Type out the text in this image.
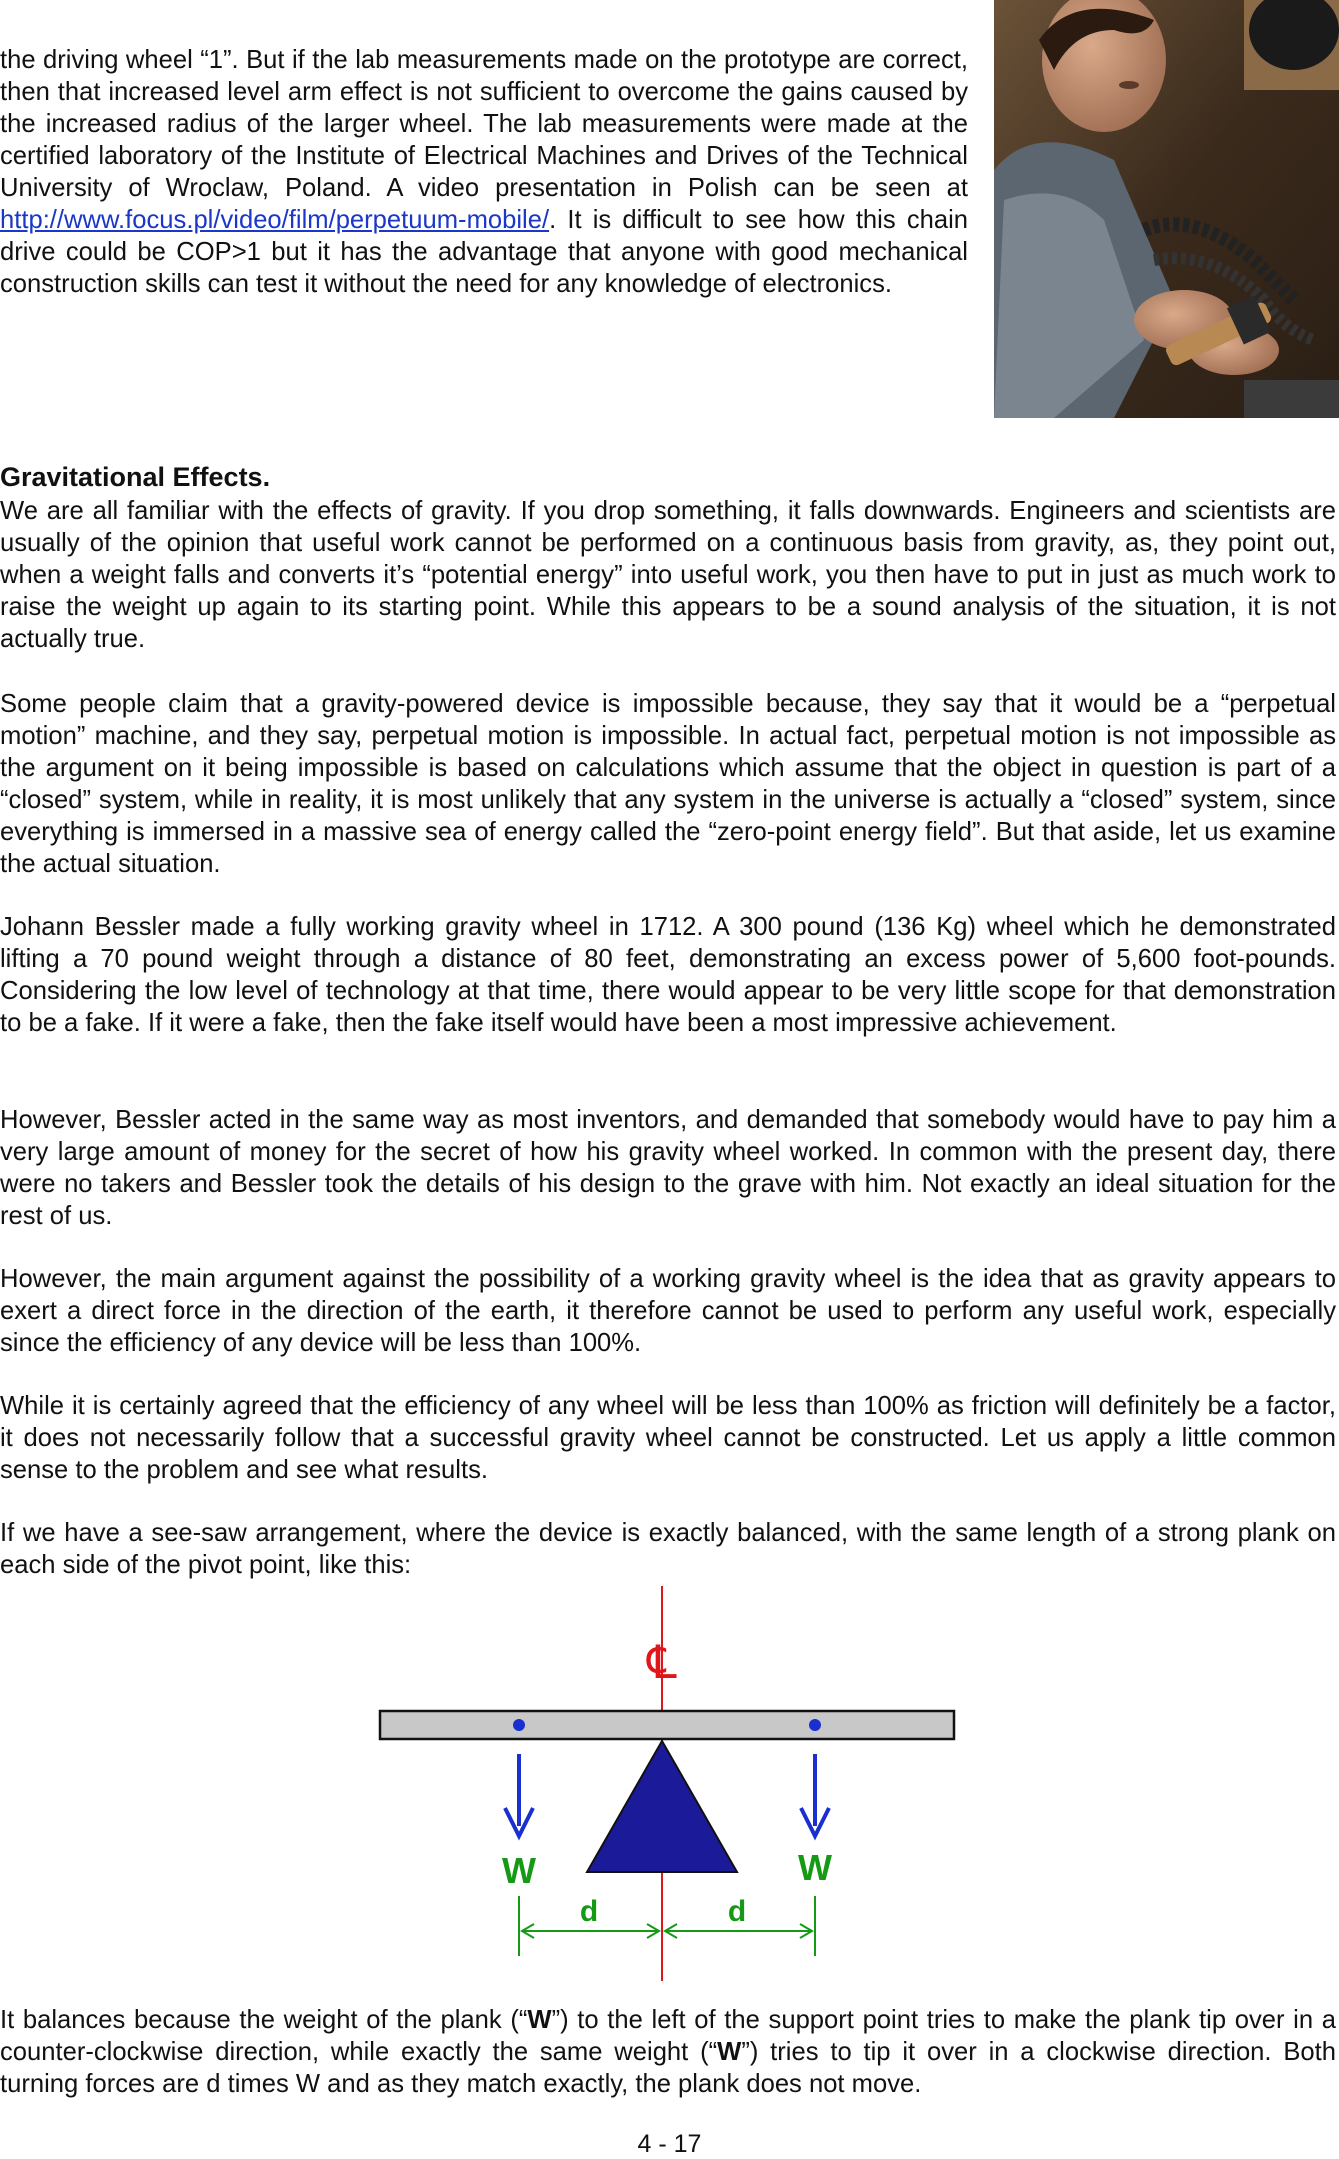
the driving wheel “1”. But if the lab measurements made on the prototype are correct, then that increased level arm effect is not sufficient to overcome the gains caused by the increased radius of the larger wheel. The lab measurements were made at the certified laboratory of the Institute of Electrical Machines and Drives of the Technical University of Wroclaw, Poland. A video presentation in Polish can be seen at http://www.focus.pl/video/film/perpetuum-mobile/. It is difficult to see how this chain drive could be COP>1 but it has the advantage that anyone with good mechanical construction skills can test it without the need for any knowledge of electronics.

Gravitational Effects.

We are all familiar with the effects of gravity. If you drop something, it falls downwards. Engineers and scientists are usually of the opinion that useful work cannot be performed on a continuous basis from gravity, as, they point out, when a weight falls and converts it’s “potential energy” into useful work, you then have to put in just as much work to raise the weight up again to its starting point. While this appears to be a sound analysis of the situation, it is not actually true.

Some people claim that a gravity-powered device is impossible because, they say that it would be a “perpetual motion” machine, and they say, perpetual motion is impossible. In actual fact, perpetual motion is not impossible as the argument on it being impossible is based on calculations which assume that the object in question is part of a “closed” system, while in reality, it is most unlikely that any system in the universe is actually a “closed” system, since everything is immersed in a massive sea of energy called the “zero-point energy field”. But that aside, let us examine the actual situation.

Johann Bessler made a fully working gravity wheel in 1712. A 300 pound (136 Kg) wheel which he demonstrated lifting a 70 pound weight through a distance of 80 feet, demonstrating an excess power of 5,600 foot-pounds. Considering the low level of technology at that time, there would appear to be very little scope for that demonstration to be a fake. If it were a fake, then the fake itself would have been a most impressive achievement.

However, Bessler acted in the same way as most inventors, and demanded that somebody would have to pay him a very large amount of money for the secret of how his gravity wheel worked. In common with the present day, there were no takers and Bessler took the details of his design to the grave with him. Not exactly an ideal situation for the rest of us.

However, the main argument against the possibility of a working gravity wheel is the idea that as gravity appears to exert a direct force in the direction of the earth, it therefore cannot be used to perform any useful work, especially since the efficiency of any device will be less than 100%.

While it is certainly agreed that the efficiency of any wheel will be less than 100% as friction will definitely be a factor, it does not necessarily follow that a successful gravity wheel cannot be constructed. Let us apply a little common sense to the problem and see what results.

If we have a see-saw arrangement, where the device is exactly balanced, with the same length of a strong plank on each side of the pivot point, like this:

℄
W	W
d	d

It balances because the weight of the plank (“W”) to the left of the support point tries to make the plank tip over in a counter-clockwise direction, while exactly the same weight (“W”) tries to tip it over in a clockwise direction. Both turning forces are d times W and as they match exactly, the plank does not move.

4 - 17
